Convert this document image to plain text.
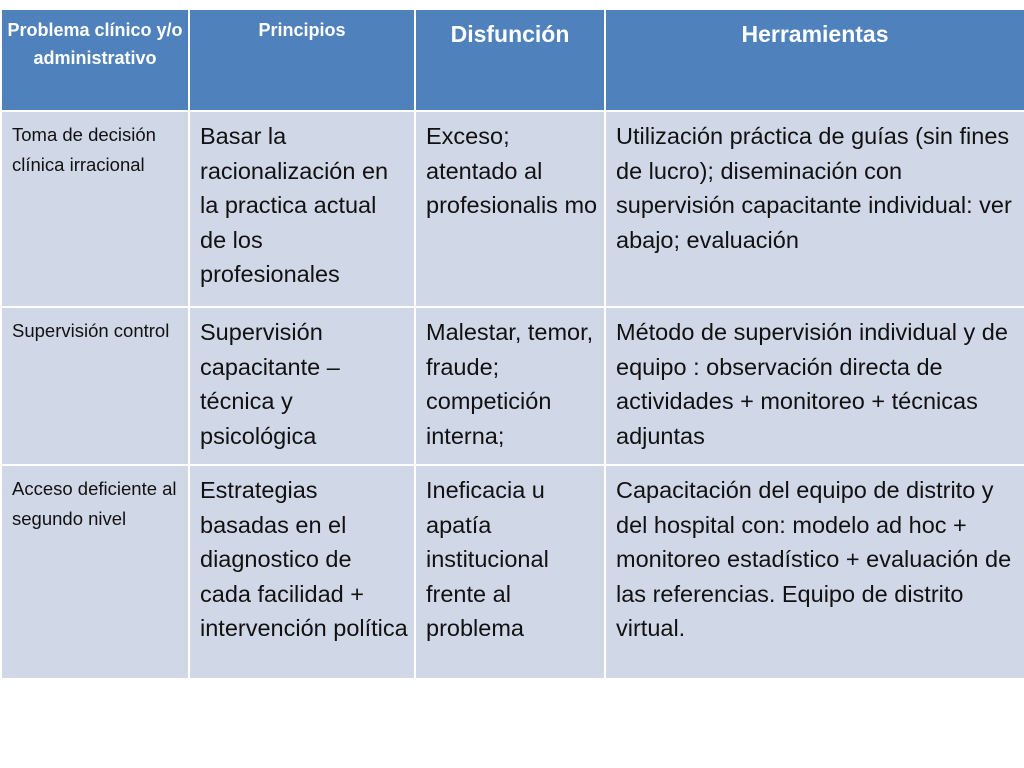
Problema clínico y/o administrativo	Principios	Disfunción	Herramientas
Toma de decisión clínica irracional	Basar la racionalización en la practica actual de los profesionales	Exceso; atentado al profesionalis mo	Utilización práctica de guías (sin fines de lucro); diseminación con supervisión capacitante individual: ver abajo; evaluación
Supervisión control	Supervisión capacitante – técnica y psicológica	Malestar, temor, fraude; competición interna;	Método de supervisión individual y de equipo : observación directa de actividades + monitoreo + técnicas adjuntas
Acceso deficiente al segundo nivel	Estrategias basadas en el diagnostico de cada facilidad + intervención política	Ineficacia u apatía institucional frente al problema	Capacitación del equipo de distrito y del hospital con: modelo ad hoc + monitoreo estadístico + evaluación de las referencias. Equipo de distrito virtual.
